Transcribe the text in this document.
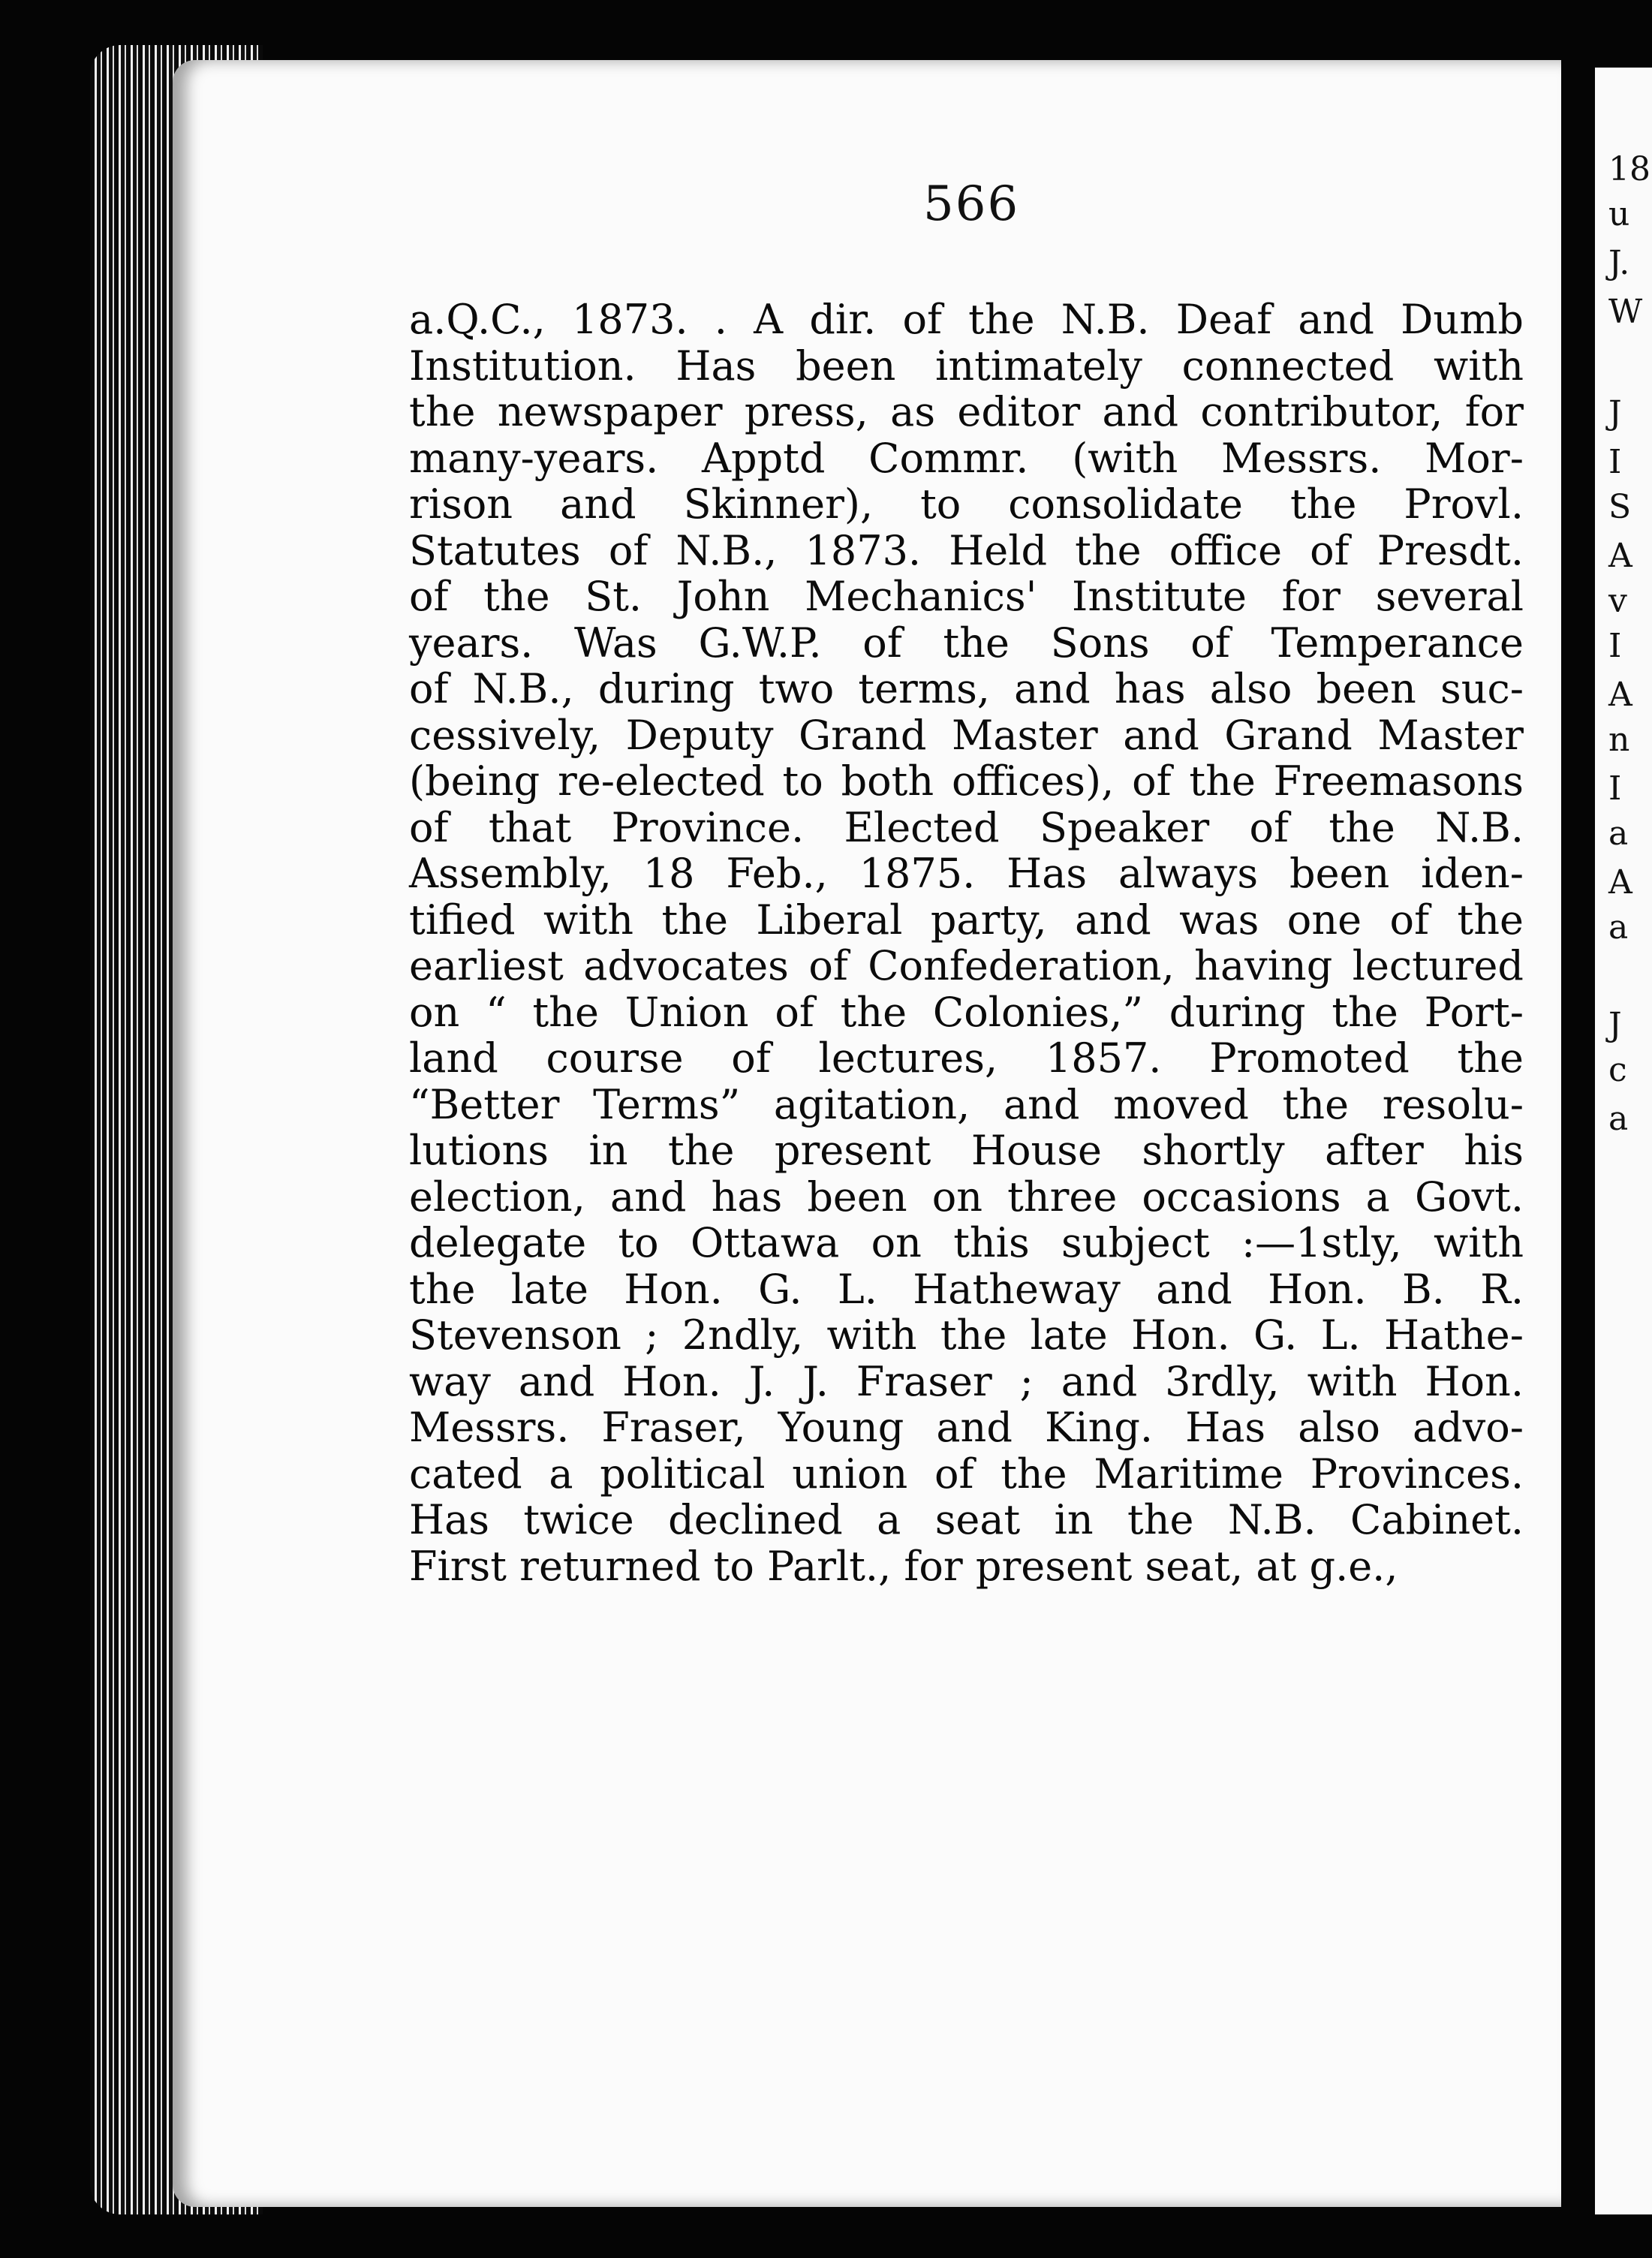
18
u
J.
W
J
I
S
A
v
I
A
n
I
a
A
a
J
c
a
566
a.Q.C., 1873. . A dir. of the N.B. Deaf and Dumb
Institution. Has been intimately connected with
the newspaper press, as editor and contributor, for
many-years. Apptd Commr. (with Messrs. Mor-
rison and Skinner), to consolidate the Provl.
Statutes of N.B., 1873. Held the office of Presdt.
of the St. John Mechanics' Institute for several
years. Was G.W.P. of the Sons of Temperance
of N.B., during two terms, and has also been suc-
cessively, Deputy Grand Master and Grand Master
(being re-elected to both offices), of the Freemasons
of that Province. Elected Speaker of the N.B.
Assembly, 18 Feb., 1875. Has always been iden-
tified with the Liberal party, and was one of the
earliest advocates of Confederation, having lectured
on “ the Union of the Colonies,” during the Port-
land course of lectures, 1857. Promoted the
“Better Terms” agitation, and moved the resolu-
lutions in the present House shortly after his
election, and has been on three occasions a Govt.
delegate to Ottawa on this subject :—1stly, with
the late Hon. G. L. Hatheway and Hon. B. R.
Stevenson ; 2ndly, with the late Hon. G. L. Hathe-
way and Hon. J. J. Fraser ; and 3rdly, with Hon.
Messrs. Fraser, Young and King. Has also advo-
cated a political union of the Maritime Provinces.
Has twice declined a seat in the N.B. Cabinet.
First returned to Parlt., for present seat, at g.e.,
